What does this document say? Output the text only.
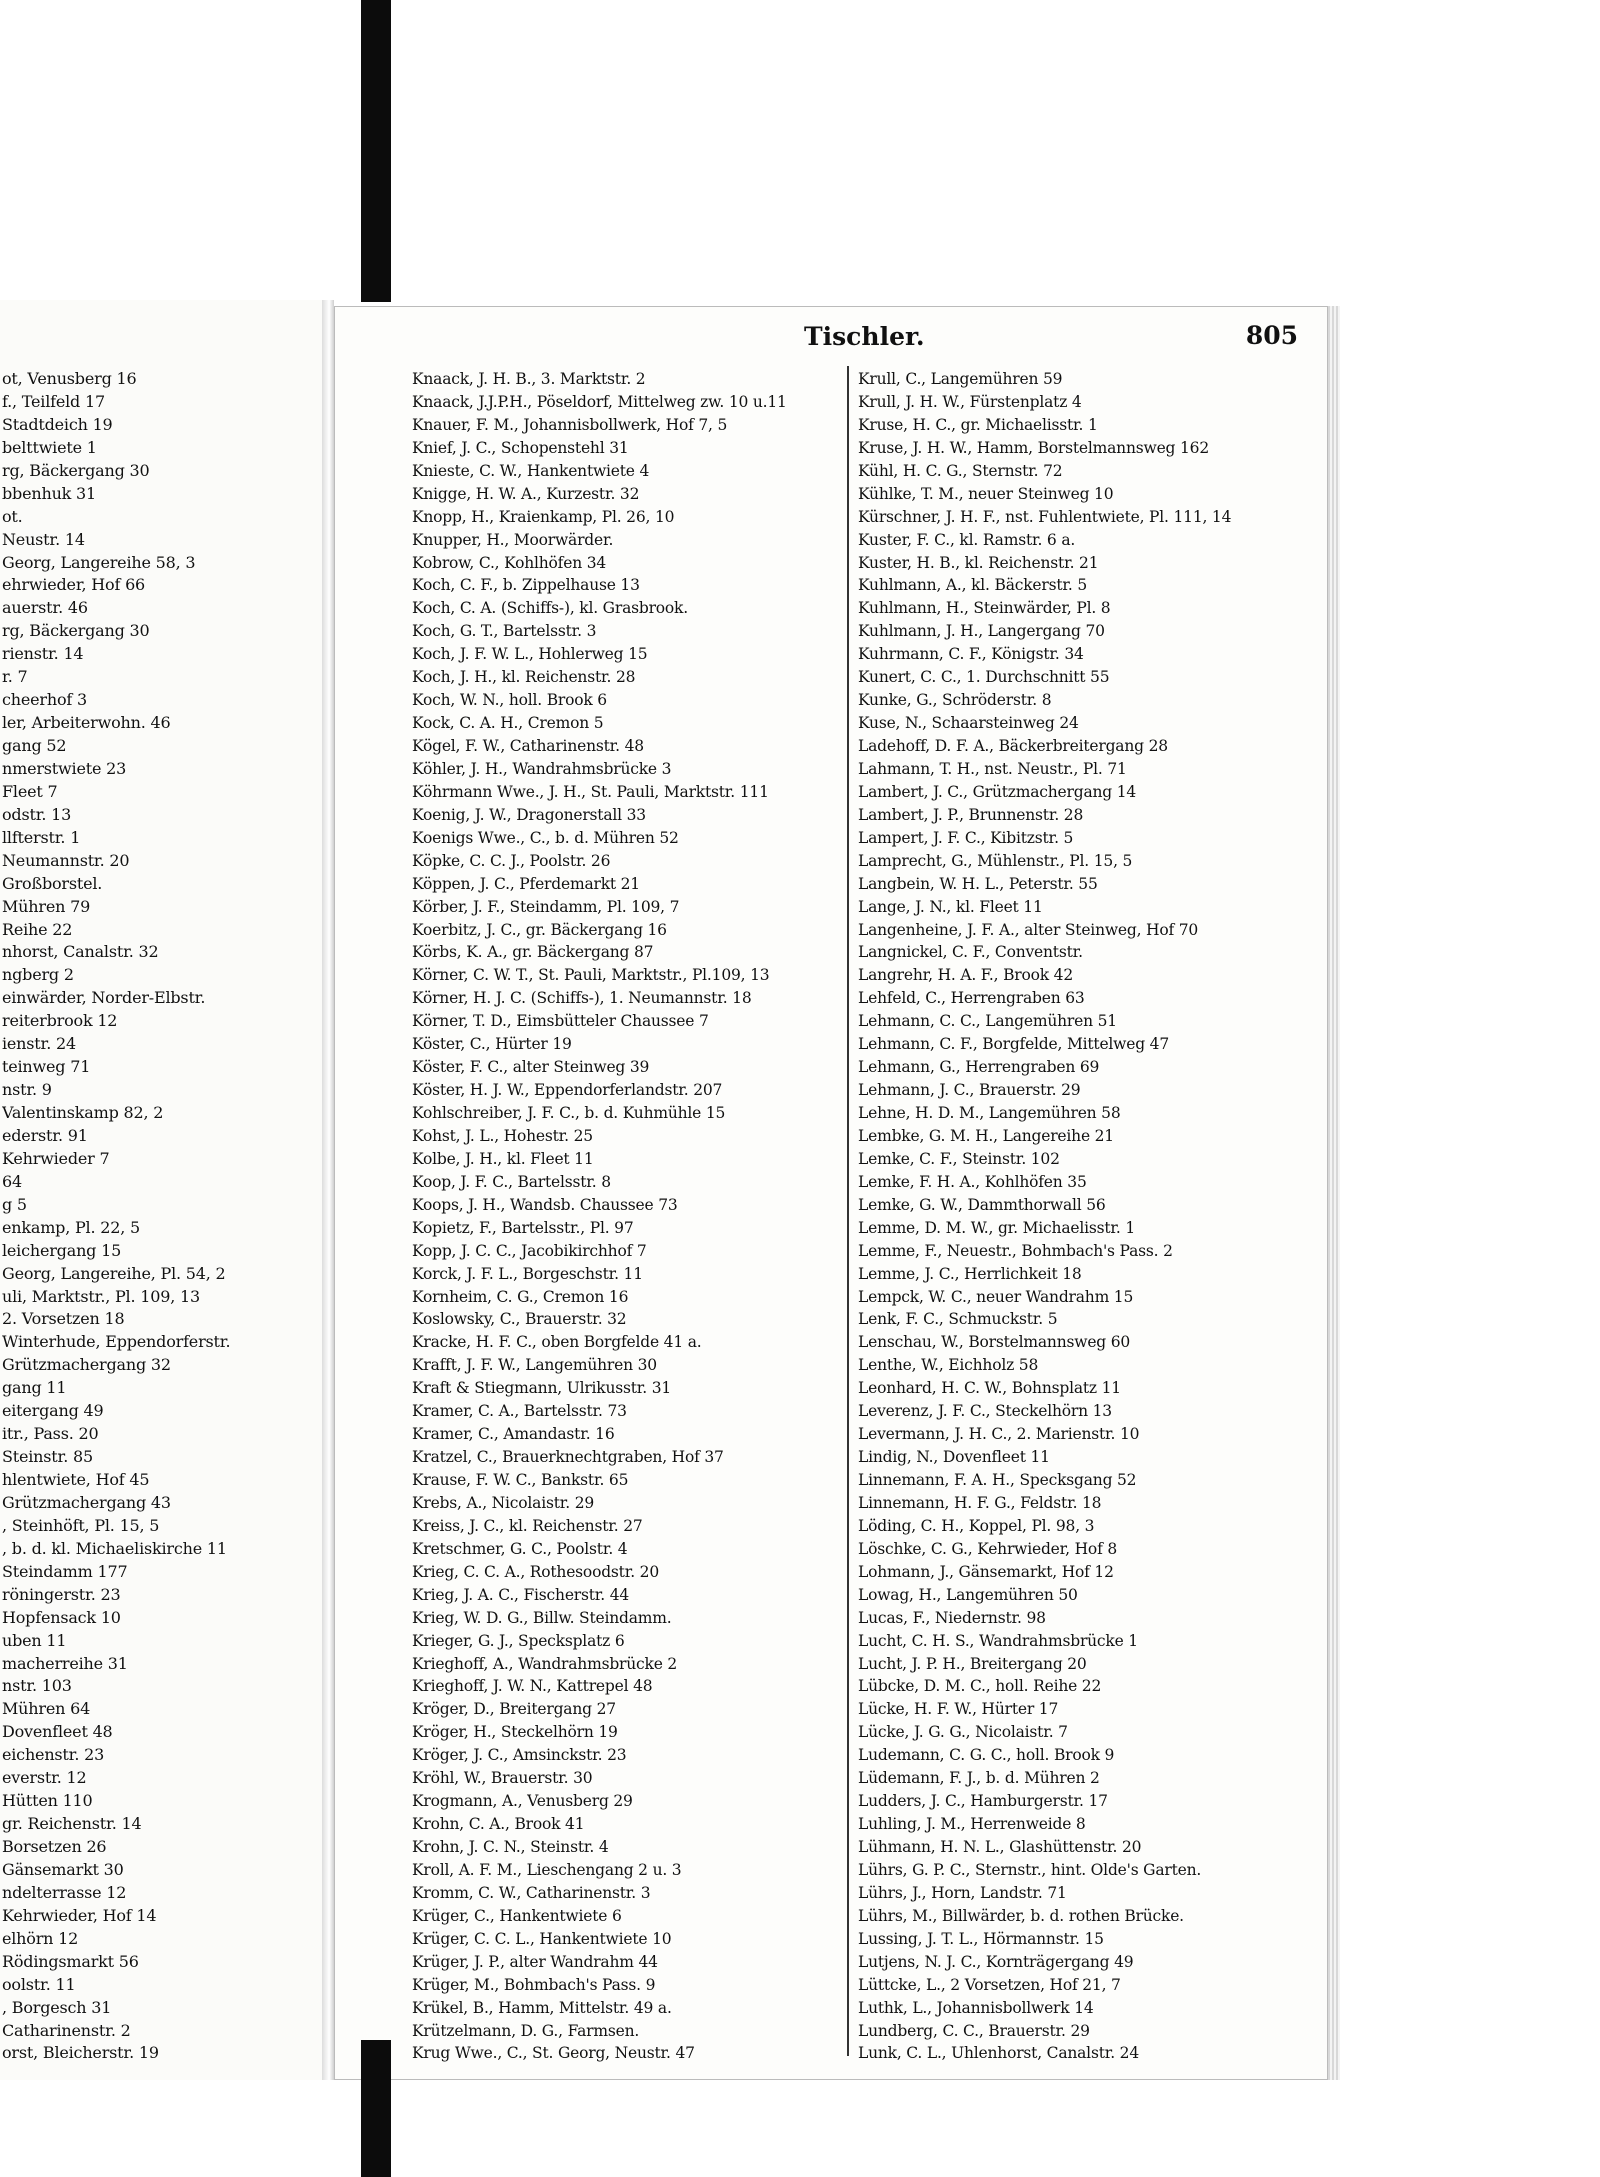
ot, Venusberg 16
f., Teilfeld 17
Stadtdeich 19
belttwiete 1
rg, Bäckergang 30
bbenhuk 31
ot.
Neustr. 14
Georg, Langereihe 58, 3
ehrwieder, Hof 66
auerstr. 46
rg, Bäckergang 30
rienstr. 14
r. 7
cheerhof 3
ler, Arbeiterwohn. 46
gang 52
nmerstwiete 23
Fleet 7
odstr. 13
llfterstr. 1
Neumannstr. 20
Großborstel.
Mühren 79
Reihe 22
nhorst, Canalstr. 32
ngberg 2
einwärder, Norder-Elbstr.
reiterbrook 12
ienstr. 24
teinweg 71
nstr. 9
Valentinskamp 82, 2
ederstr. 91
Kehrwieder 7
64
g 5
enkamp, Pl. 22, 5
leichergang 15
Georg, Langereihe, Pl. 54, 2
uli, Marktstr., Pl. 109, 13
2. Vorsetzen 18
Winterhude, Eppendorferstr.
Grützmachergang 32
gang 11
eitergang 49
itr., Pass. 20
Steinstr. 85
hlentwiete, Hof 45
Grützmachergang 43
, Steinhöft, Pl. 15, 5
, b. d. kl. Michaeliskirche 11
Steindamm 177
röningerstr. 23
Hopfensack 10
uben 11
macherreihe 31
nstr. 103
Mühren 64
Dovenfleet 48
eichenstr. 23
everstr. 12
Hütten 110
gr. Reichenstr. 14
Borsetzen 26
Gänsemarkt 30
ndelterrasse 12
Kehrwieder, Hof 14
elhörn 12
Rödingsmarkt 56
oolstr. 11
, Borgesch 31
Catharinenstr. 2
orst, Bleicherstr. 19
Tischler.	805
Knaack, J. H. B., 3. Marktstr. 2
Knaack, J.J.P.H., Pöseldorf, Mittelweg zw. 10 u.11
Knauer, F. M., Johannisbollwerk, Hof 7, 5
Knief, J. C., Schopenstehl 31
Knieste, C. W., Hankentwiete 4
Knigge, H. W. A., Kurzestr. 32
Knopp, H., Kraienkamp, Pl. 26, 10
Knupper, H., Moorwärder.
Kobrow, C., Kohlhöfen 34
Koch, C. F., b. Zippelhause 13
Koch, C. A. (Schiffs-), kl. Grasbrook.
Koch, G. T., Bartelsstr. 3
Koch, J. F. W. L., Hohlerweg 15
Koch, J. H., kl. Reichenstr. 28
Koch, W. N., holl. Brook 6
Kock, C. A. H., Cremon 5
Kögel, F. W., Catharinenstr. 48
Köhler, J. H., Wandrahmsbrücke 3
Köhrmann Wwe., J. H., St. Pauli, Marktstr. 111
Koenig, J. W., Dragonerstall 33
Koenigs Wwe., C., b. d. Mühren 52
Köpke, C. C. J., Poolstr. 26
Köppen, J. C., Pferdemarkt 21
Körber, J. F., Steindamm, Pl. 109, 7
Koerbitz, J. C., gr. Bäckergang 16
Körbs, K. A., gr. Bäckergang 87
Körner, C. W. T., St. Pauli, Marktstr., Pl.109, 13
Körner, H. J. C. (Schiffs-), 1. Neumannstr. 18
Körner, T. D., Eimsbütteler Chaussee 7
Köster, C., Hürter 19
Köster, F. C., alter Steinweg 39
Köster, H. J. W., Eppendorferlandstr. 207
Kohlschreiber, J. F. C., b. d. Kuhmühle 15
Kohst, J. L., Hohestr. 25
Kolbe, J. H., kl. Fleet 11
Koop, J. F. C., Bartelsstr. 8
Koops, J. H., Wandsb. Chaussee 73
Kopietz, F., Bartelsstr., Pl. 97
Kopp, J. C. C., Jacobikirchhof 7
Korck, J. F. L., Borgeschstr. 11
Kornheim, C. G., Cremon 16
Koslowsky, C., Brauerstr. 32
Kracke, H. F. C., oben Borgfelde 41 a.
Krafft, J. F. W., Langemühren 30
Kraft & Stiegmann, Ulrikusstr. 31
Kramer, C. A., Bartelsstr. 73
Kramer, C., Amandastr. 16
Kratzel, C., Brauerknechtgraben, Hof 37
Krause, F. W. C., Bankstr. 65
Krebs, A., Nicolaistr. 29
Kreiss, J. C., kl. Reichenstr. 27
Kretschmer, G. C., Poolstr. 4
Krieg, C. C. A., Rothesoodstr. 20
Krieg, J. A. C., Fischerstr. 44
Krieg, W. D. G., Billw. Steindamm.
Krieger, G. J., Specksplatz 6
Krieghoff, A., Wandrahmsbrücke 2
Krieghoff, J. W. N., Kattrepel 48
Kröger, D., Breitergang 27
Kröger, H., Steckelhörn 19
Kröger, J. C., Amsinckstr. 23
Kröhl, W., Brauerstr. 30
Krogmann, A., Venusberg 29
Krohn, C. A., Brook 41
Krohn, J. C. N., Steinstr. 4
Kroll, A. F. M., Lieschengang 2 u. 3
Kromm, C. W., Catharinenstr. 3
Krüger, C., Hankentwiete 6
Krüger, C. C. L., Hankentwiete 10
Krüger, J. P., alter Wandrahm 44
Krüger, M., Bohmbach's Pass. 9
Krükel, B., Hamm, Mittelstr. 49 a.
Krützelmann, D. G., Farmsen.
Krug Wwe., C., St. Georg, Neustr. 47
Krull, C., Langemühren 59
Krull, J. H. W., Fürstenplatz 4
Kruse, H. C., gr. Michaelisstr. 1
Kruse, J. H. W., Hamm, Borstelmannsweg 162
Kühl, H. C. G., Sternstr. 72
Kühlke, T. M., neuer Steinweg 10
Kürschner, J. H. F., nst. Fuhlentwiete, Pl. 111, 14
Kuster, F. C., kl. Ramstr. 6 a.
Kuster, H. B., kl. Reichenstr. 21
Kuhlmann, A., kl. Bäckerstr. 5
Kuhlmann, H., Steinwärder, Pl. 8
Kuhlmann, J. H., Langergang 70
Kuhrmann, C. F., Königstr. 34
Kunert, C. C., 1. Durchschnitt 55
Kunke, G., Schröderstr. 8
Kuse, N., Schaarsteinweg 24
Ladehoff, D. F. A., Bäckerbreitergang 28
Lahmann, T. H., nst. Neustr., Pl. 71
Lambert, J. C., Grützmachergang 14
Lambert, J. P., Brunnenstr. 28
Lampert, J. F. C., Kibitzstr. 5
Lamprecht, G., Mühlenstr., Pl. 15, 5
Langbein, W. H. L., Peterstr. 55
Lange, J. N., kl. Fleet 11
Langenheine, J. F. A., alter Steinweg, Hof 70
Langnickel, C. F., Conventstr.
Langrehr, H. A. F., Brook 42
Lehfeld, C., Herrengraben 63
Lehmann, C. C., Langemühren 51
Lehmann, C. F., Borgfelde, Mittelweg 47
Lehmann, G., Herrengraben 69
Lehmann, J. C., Brauerstr. 29
Lehne, H. D. M., Langemühren 58
Lembke, G. M. H., Langereihe 21
Lemke, C. F., Steinstr. 102
Lemke, F. H. A., Kohlhöfen 35
Lemke, G. W., Dammthorwall 56
Lemme, D. M. W., gr. Michaelisstr. 1
Lemme, F., Neuestr., Bohmbach's Pass. 2
Lemme, J. C., Herrlichkeit 18
Lempck, W. C., neuer Wandrahm 15
Lenk, F. C., Schmuckstr. 5
Lenschau, W., Borstelmannsweg 60
Lenthe, W., Eichholz 58
Leonhard, H. C. W., Bohnsplatz 11
Leverenz, J. F. C., Steckelhörn 13
Levermann, J. H. C., 2. Marienstr. 10
Lindig, N., Dovenfleet 11
Linnemann, F. A. H., Specksgang 52
Linnemann, H. F. G., Feldstr. 18
Löding, C. H., Koppel, Pl. 98, 3
Löschke, C. G., Kehrwieder, Hof 8
Lohmann, J., Gänsemarkt, Hof 12
Lowag, H., Langemühren 50
Lucas, F., Niedernstr. 98
Lucht, C. H. S., Wandrahmsbrücke 1
Lucht, J. P. H., Breitergang 20
Lübcke, D. M. C., holl. Reihe 22
Lücke, H. F. W., Hürter 17
Lücke, J. G. G., Nicolaistr. 7
Ludemann, C. G. C., holl. Brook 9
Lüdemann, F. J., b. d. Mühren 2
Ludders, J. C., Hamburgerstr. 17
Luhling, J. M., Herrenweide 8
Lühmann, H. N. L., Glashüttenstr. 20
Lührs, G. P. C., Sternstr., hint. Olde's Garten.
Lührs, J., Horn, Landstr. 71
Lührs, M., Billwärder, b. d. rothen Brücke.
Lussing, J. T. L., Hörmannstr. 15
Lutjens, N. J. C., Kornträgergang 49
Lüttcke, L., 2 Vorsetzen, Hof 21, 7
Luthk, L., Johannisbollwerk 14
Lundberg, C. C., Brauerstr. 29
Lunk, C. L., Uhlenhorst, Canalstr. 24
